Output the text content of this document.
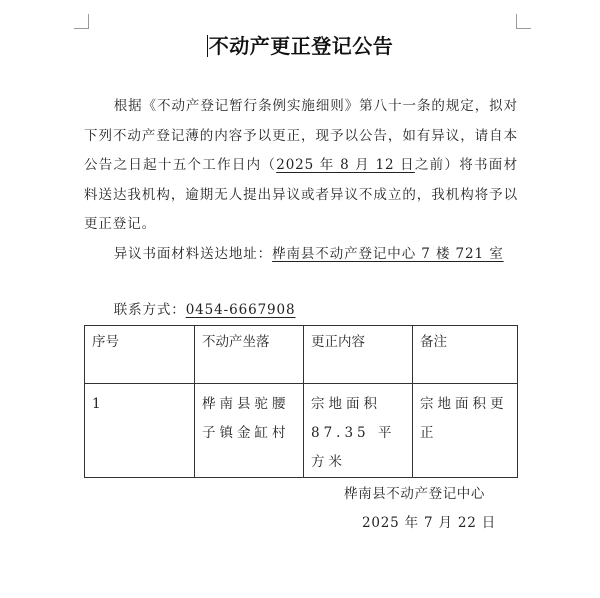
不动产更正登记公告

根据《不动产登记暂行条例实施细则》第八十一条的规定，拟对下列不动产登记薄的内容予以更正，现予以公告，如有异议，请自本公告之日起十五个工作日内（2025 年 8 月 12 日之前）将书面材料送达我机构，逾期无人提出异议或者异议不成立的，我机构将予以更正登记。

异议书面材料送达地址：桦南县不动产登记中心 7 楼 721 室

联系方式：0454-6667908
序号	不动产坐落	更正内容	备注
1	桦南县驼腰子镇金缸村	宗地面积 87.35 平方米	宗地面积更正
桦南县不动产登记中心
2025 年 7 月 22 日
